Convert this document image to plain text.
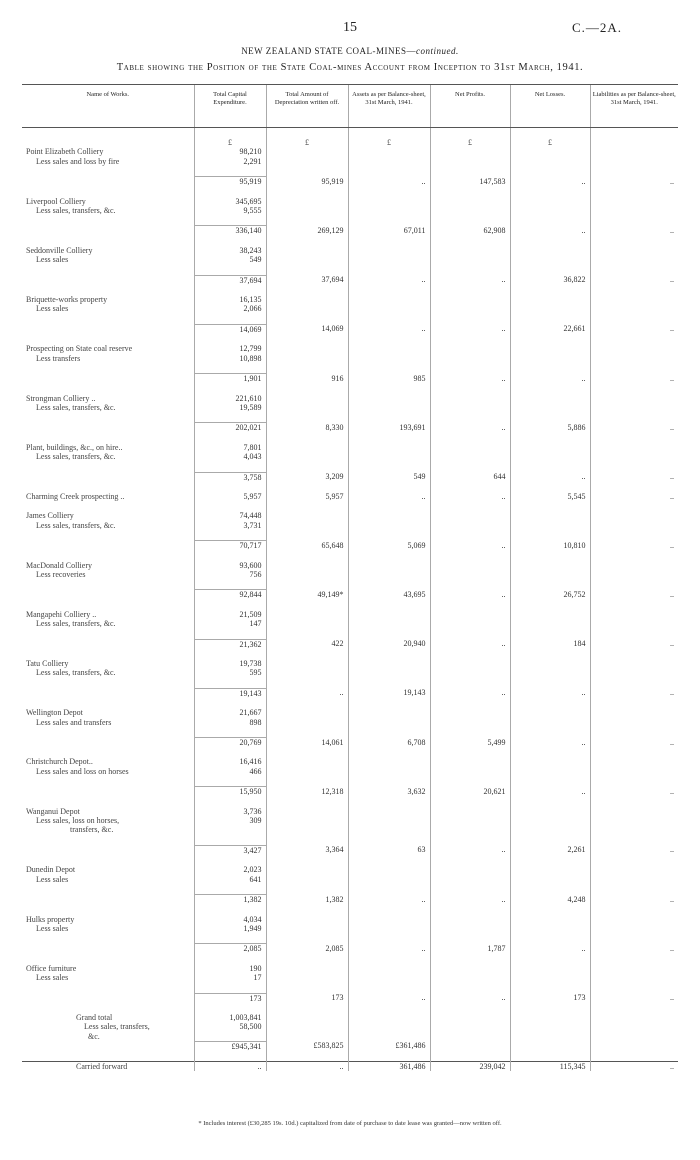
15	C.—2A.
NEW ZEALAND STATE COAL-MINES—continued.
Table showing the Position of the State Coal-mines Account from Inception to 31st March, 1941.
Name of Works.	Total Capital Expenditure.	Total Amount of Depreciation written off.	Assets as per Balance-sheet, 31st March, 1941.	Net Profits.	Net Losses.	Liabilities as per Balance-sheet, 31st March, 1941.

	£	£	£	£	£	
Point Elizabeth Colliery	98,210					

Less sales and loss by fire	2,291					

	95,919	95,919	..	147,583	..	..

Liverpool Colliery	345,695					

Less sales, transfers, &c.	9,555					

	336,140	269,129	67,011	62,908	..	..

Seddonville Colliery	38,243					

Less sales	549					

	37,694	37,694	..	..	36,822	..

Briquette-works property	16,135					

Less sales	2,066					

	14,069	14,069	..	..	22,661	..

Prospecting on State coal reserve	12,799					

Less transfers	10,898					

	1,901	916	985	..	..	..

Strongman Colliery ..	221,610					

Less sales, transfers, &c.	19,589					

	202,021	8,330	193,691	..	5,886	..

Plant, buildings, &c., on hire..	7,801					

Less sales, transfers, &c.	4,043					

	3,758	3,209	549	644	..	..

Charming Creek prospecting ..	5,957	5,957	..	..	5,545	..

James Colliery	74,448					

Less sales, transfers, &c.	3,731					

	70,717	65,648	5,069	..	10,810	..

MacDonald Colliery	93,600					

Less recoveries	756					

	92,844	49,149*	43,695	..	26,752	..

Mangapehi Colliery ..	21,509					

Less sales, transfers, &c.	147					

	21,362	422	20,940	..	184	..

Tatu Colliery	19,738					

Less sales, transfers, &c.	595					

	19,143	..	19,143	..	..	..

Wellington Depot	21,667					

Less sales and transfers	898					

	20,769	14,061	6,708	5,499	..	..

Christchurch Depot..	16,416					

Less sales and loss on horses	466					

	15,950	12,318	3,632	20,621	..	..

Wanganui Depot	3,736					

Less sales, loss on horses,
transfers, &c.	309					

	3,427	3,364	63	..	2,261	..

Dunedin Depot	2,023					

Less sales	641					

	1,382	1,382	..	..	4,248	..

Hulks property	4,034					

Less sales	1,949					

	2,085	2,085	..	1,787	..	..

Office furniture	190					

Less sales	17					

	173	173	..	..	173	..

Grand total	1,003,841					

Less sales, transfers,
&c.	58,500					
	£945,341	£583,825	£361,486			

Carried forward	..	..	361,486	239,042	115,345	..
* Includes interest (£30,285 19s. 10d.) capitalized from date of purchase to date lease was granted—now written off.
